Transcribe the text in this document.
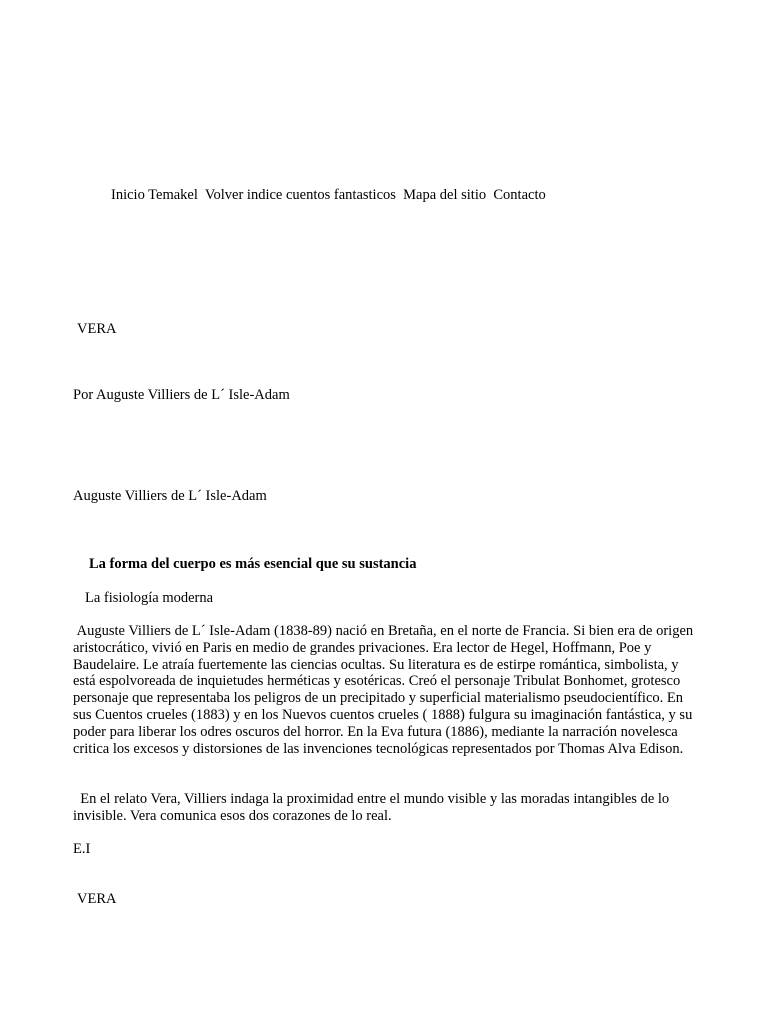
Inicio Temakel Volver indice cuentos fantasticos Mapa del sitio Contacto
VERA
Por Auguste Villiers de L´ Isle-Adam
Auguste Villiers de L´ Isle-Adam
La forma del cuerpo es más esencial que su sustancia
La fisiología moderna
Auguste Villiers de L´ Isle-Adam (1838-89) nació en Bretaña, en el norte de Francia. Si bien era de origen aristocrático, vivió en Paris en medio de grandes privaciones. Era lector de Hegel, Hoffmann, Poe y Baudelaire. Le atraía fuertemente las ciencias ocultas. Su literatura es de estirpe romántica, simbolista, y está espolvoreada de inquietudes herméticas y esotéricas. Creó el personaje Tribulat Bonhomet, grotesco personaje que representaba los peligros de un precipitado y superficial materialismo pseudocientífico. En sus Cuentos crueles (1883) y en los Nuevos cuentos crueles ( 1888) fulgura su imaginación fantástica, y su poder para liberar los odres oscuros del horror. En la Eva futura (1886), mediante la narración novelesca critica los excesos y distorsiones de las invenciones tecnológicas representados por Thomas Alva Edison.
En el relato Vera, Villiers indaga la proximidad entre el mundo visible y las moradas intangibles de lo invisible. Vera comunica esos dos corazones de lo real.
E.I
VERA
